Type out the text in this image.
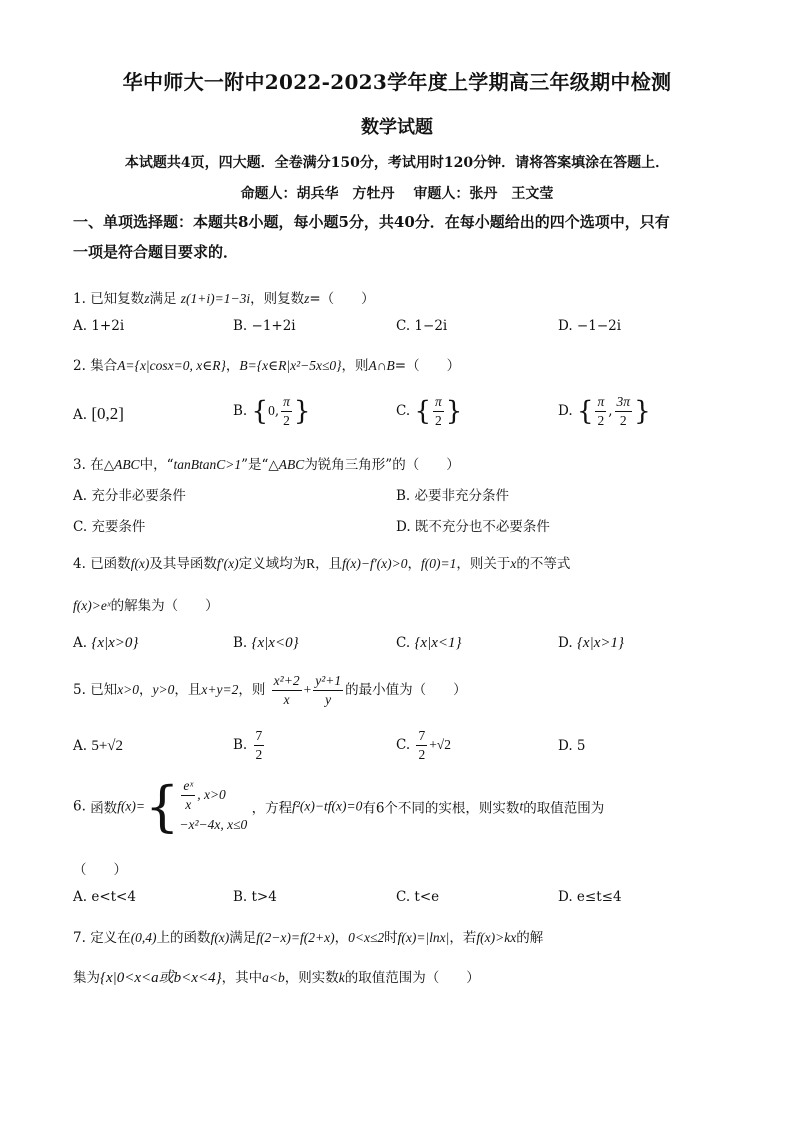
华中师大一附中2022-2023学年度上学期高三年级期中检测
数学试题
本试题共4页，四大题．全卷满分150分，考试用时120分钟．请将答案填涂在答题上．
命题人：胡兵华　方牡丹　 审题人：张丹　王文莹
一、单项选择题：本题共8小题，每小题5分，共40分．在每小题给出的四个选项中，只有
一项是符合题目要求的．
1. 已知复数z满足 z(1+i)=1−3i，则复数z=（　　）
A. 1+2i	B. −1+2i	C. 1−2i	D. −1−2i
2. 集合A={x|cosx=0, x∈R}，B={x∈R|x²−5x≤0}，则A∩B=（　　）
A. [0,2]	B. {0, $\frac{\pi}{2}$ }	C. { $\frac{\pi}{2}$ }	D. { $\frac{\pi}{2}$ , $\frac{3\pi}{2}$ }
3. 在△ABC中，“tanBtanC>1”是“△ABC为锐角三角形”的（　　）
A. 充分非必要条件	B. 必要非充分条件
C. 充要条件	D. 既不充分也不必要条件
4. 已函数f(x)及其导函数f′(x)定义域均为R，且f(x)−f′(x)>0，f(0)=1，则关于x的不等式
f(x)>eˣ的解集为（　　）
A. {x|x>0}	B. {x|x<0}	C. {x|x<1}	D. {x|x>1}
5. 已知x>0，y>0，且x+y=2，则 $\frac{\text{x²+2}}{x} + \frac{\text{y²+1}}{y}$ 的最小值为（　　）
A. 5+√2	B. $\frac{7}{2}$	C. $\frac{7}{2} +√2$	D. 5
6. 函数$f(x)=\{ \frac{\text{eˣ}}{x}$ , x>0
−x²−4x, x≤0
，方程f²(x)−tf(x)=0有6个不同的实根，则实数t的取值范围为
（　　）
A. e<t<4	B. t>4	C. t<e	D. e≤t≤4
7. 定义在(0,4)上的函数f(x)满足f(2−x)=f(2+x)，0<x≤2时f(x)=|lnx|，若f(x)>kx的解
集为{x|0<x<a或b<x<4}，其中a<b，则实数k的取值范围为（　　）
